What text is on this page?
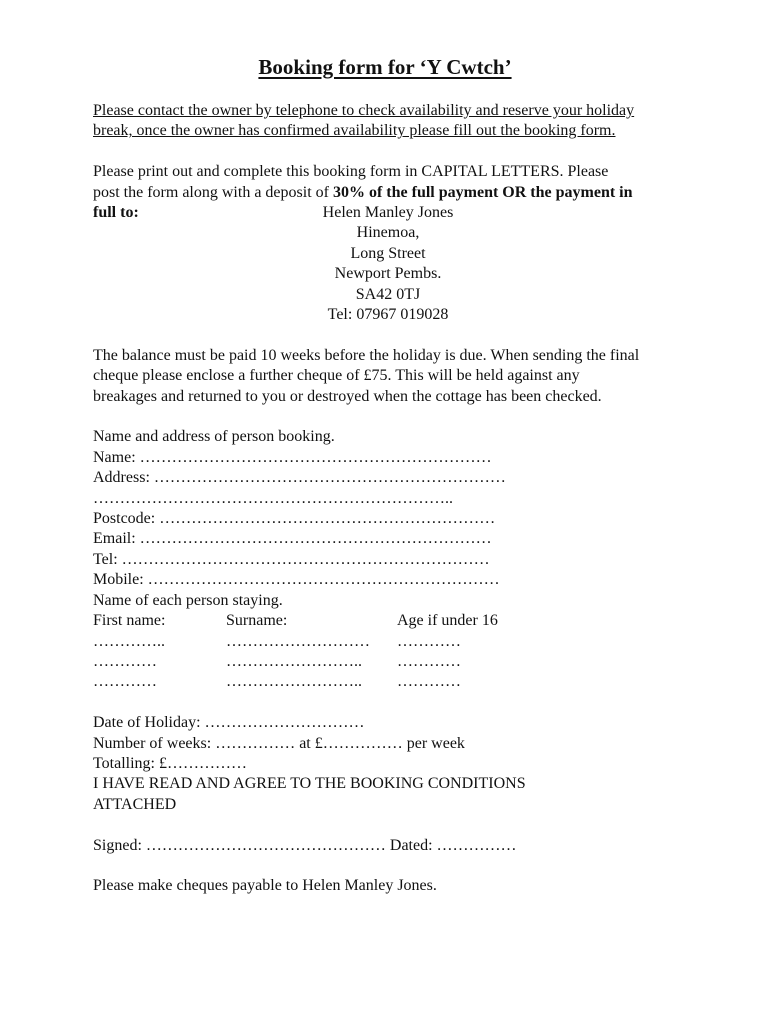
Booking form for ‘Y Cwtch’

Please contact the owner by telephone to check availability and reserve your holiday

break, once the owner has confirmed availability please fill out the booking form.

Please print out and complete this booking form in CAPITAL LETTERS. Please

post the form along with a deposit of 30% of the full payment OR the payment in

full to:	Helen Manley Jones

Hinemoa,

Long Street

Newport Pembs.

SA42 0TJ

Tel: 07967 019028

The balance must be paid 10 weeks before the holiday is due. When sending the final

cheque please enclose a further cheque of £75. This will be held against any

breakages and returned to you or destroyed when the cottage has been checked.

Name and address of person booking.

Name: …………………………………………………………

Address: …………………………………………………………

…………………………………………………………..

Postcode: ………………………………………………………

Email: …………………………………………………………

Tel: ……………………………………………………………

Mobile: …………………………………………………………

Name of each person staying.

First name:	Surname:	Age if under 16
…………..	………………………	…………
…………	……………………..	…………
…………	……………………..	…………

Date of Holiday: …………………………

Number of weeks: …………… at £…………… per week

Totalling: £……………

I HAVE READ AND AGREE TO THE BOOKING CONDITIONS

ATTACHED

Signed: ……………………………………… Dated: ……………

Please make cheques payable to Helen Manley Jones.
